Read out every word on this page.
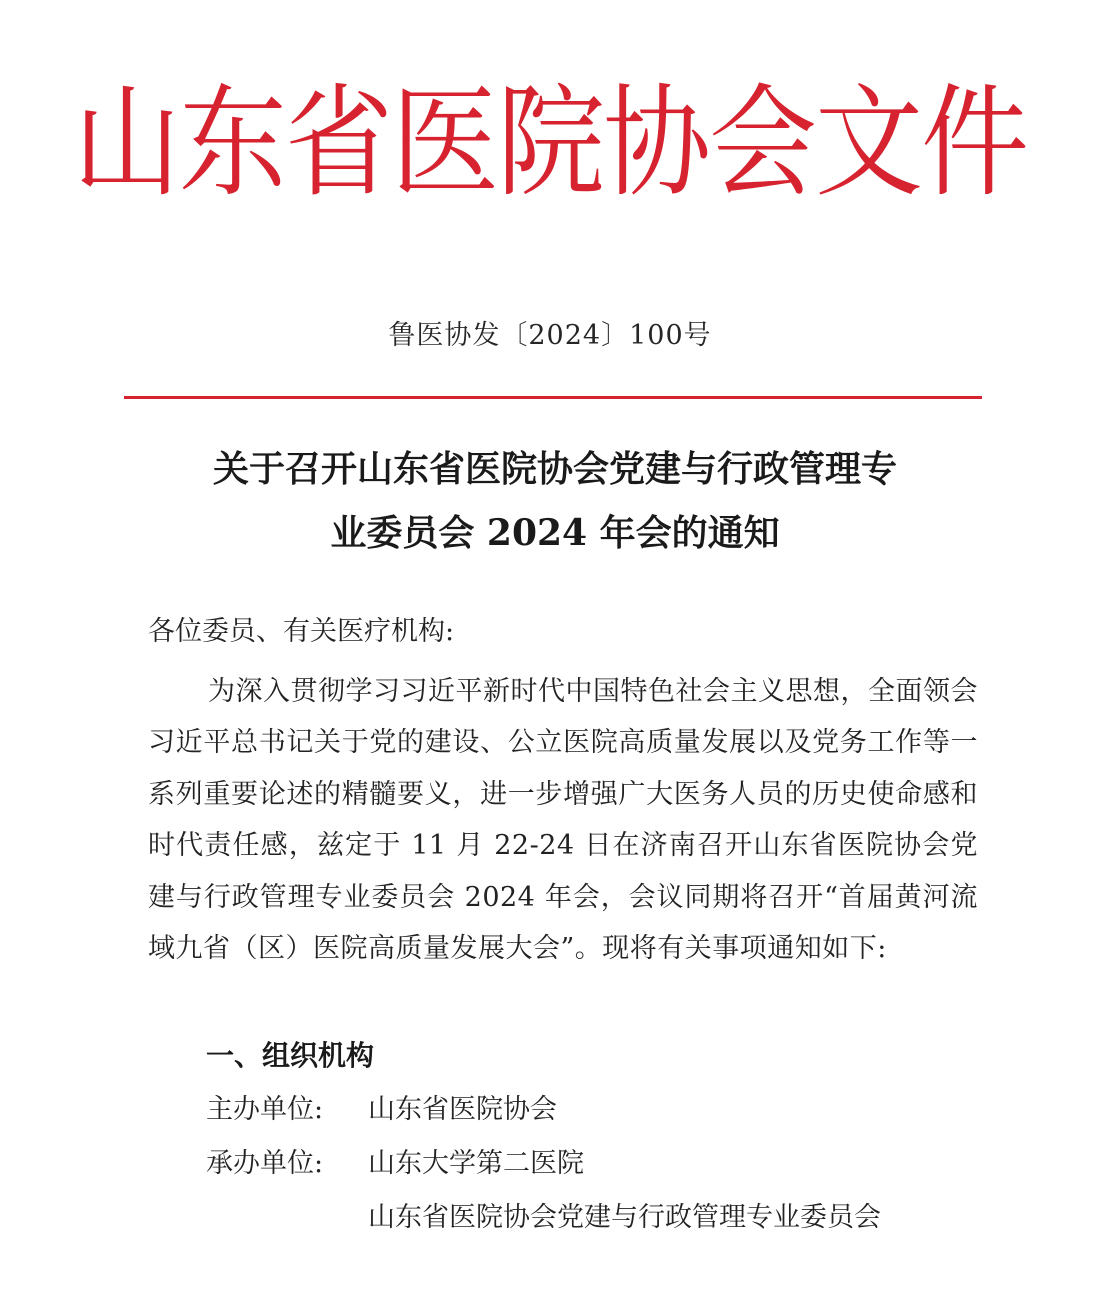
山东省医院协会文件
鲁医协发〔2024〕100号
关于召开山东省医院协会党建与行政管理专
业委员会 2024 年会的通知
各位委员、有关医疗机构:
为深入贯彻学习习近平新时代中国特色社会主义思想，全面领会习近平总书记关于党的建设、公立医院高质量发展以及党务工作等一系列重要论述的精髓要义，进一步增强广大医务人员的历史使命感和时代责任感，兹定于 11 月 22-24 日在济南召开山东省医院协会党建与行政管理专业委员会 2024 年会，会议同期将召开“首届黄河流域九省（区）医院高质量发展大会”。现将有关事项通知如下:
一、组织机构
主办单位: 山东省医院协会
承办单位: 山东大学第二医院
山东省医院协会党建与行政管理专业委员会
